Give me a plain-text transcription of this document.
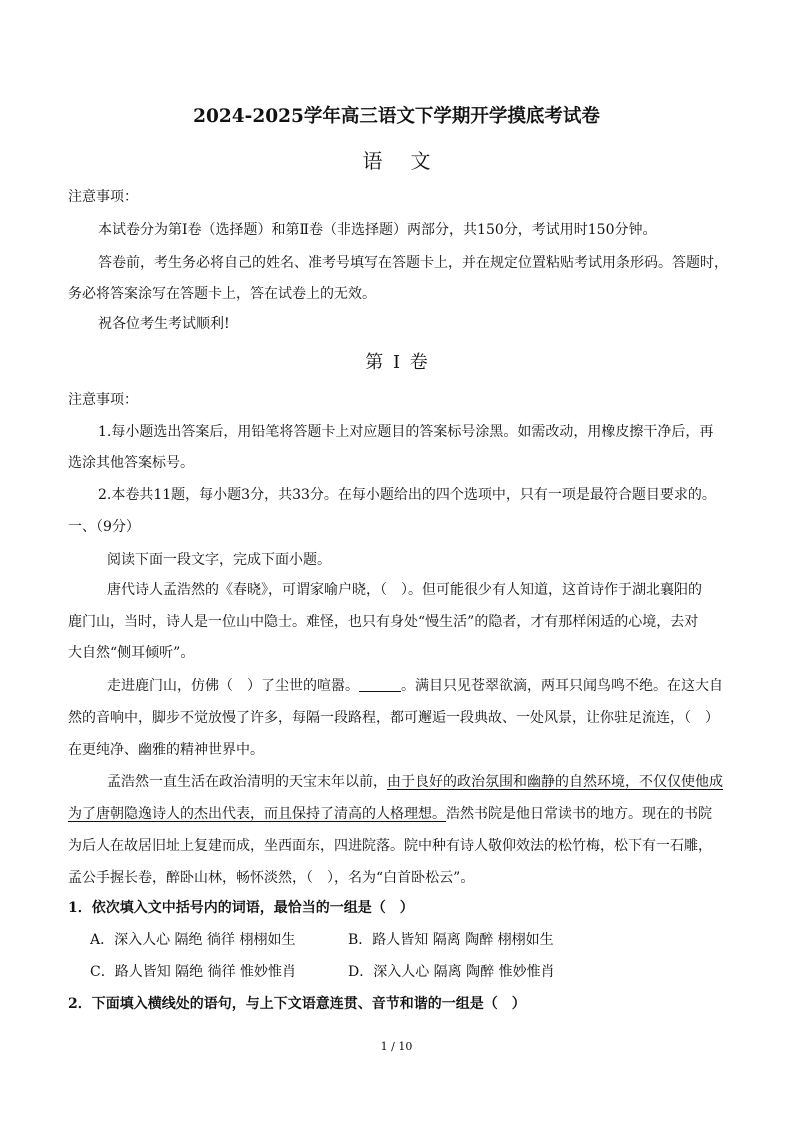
2024-2025学年高三语文下学期开学摸底考试卷
语文
注意事项：
本试卷分为第Ⅰ卷（选择题）和第Ⅱ卷（非选择题）两部分，共150分，考试用时150分钟。
答卷前，考生务必将自己的姓名、准考号填写在答题卡上，并在规定位置粘贴考试用条形码。答题时，
务必将答案涂写在答题卡上，答在试卷上的无效。
祝各位考生考试顺利!
第 Ⅰ 卷
注意事项：
1.每小题选出答案后，用铅笔将答题卡上对应题目的答案标号涂黑。如需改动，用橡皮擦干净后，再
选涂其他答案标号。
2.本卷共11题，每小题3分，共33分。在每小题给出的四个选项中，只有一项是最符合题目要求的。
一、（9分）
阅读下面一段文字，完成下面小题。
唐代诗人孟浩然的《春晓》，可谓家喻户晓，（　）。但可能很少有人知道，这首诗作于湖北襄阳的
鹿门山，当时，诗人是一位山中隐士。难怪，也只有身处“慢生活”的隐者，才有那样闲适的心境，去对
大自然“侧耳倾听”。
走进鹿门山，仿佛（　）了尘世的喧嚣。	。满目只见苍翠欲滴，两耳只闻鸟鸣不绝。在这大自
然的音响中，脚步不觉放慢了许多，每隔一段路程，都可邂逅一段典故、一处风景，让你驻足流连，（　）
在更纯净、幽雅的精神世界中。
孟浩然一直生活在政治清明的天宝末年以前，由于良好的政治氛围和幽静的自然环境，不仅仅使他成
为了唐朝隐逸诗人的杰出代表，而且保持了清高的人格理想。浩然书院是他日常读书的地方。现在的书院
为后人在故居旧址上复建而成，坐西面东，四进院落。院中种有诗人敬仰效法的松竹梅，松下有一石雕，
孟公手握长卷，醉卧山林，畅怀淡然，（　），名为“白首卧松云”。
1．依次填入文中括号内的词语，最恰当的一组是（　）
A．深入人心 隔绝 徜徉 栩栩如生	B．路人皆知 隔离 陶醉 栩栩如生
C．路人皆知 隔绝 徜徉 惟妙惟肖	D．深入人心 隔离 陶醉 惟妙惟肖
2．下面填入横线处的语句，与上下文语意连贯、音节和谐的一组是（　）
1 / 10
